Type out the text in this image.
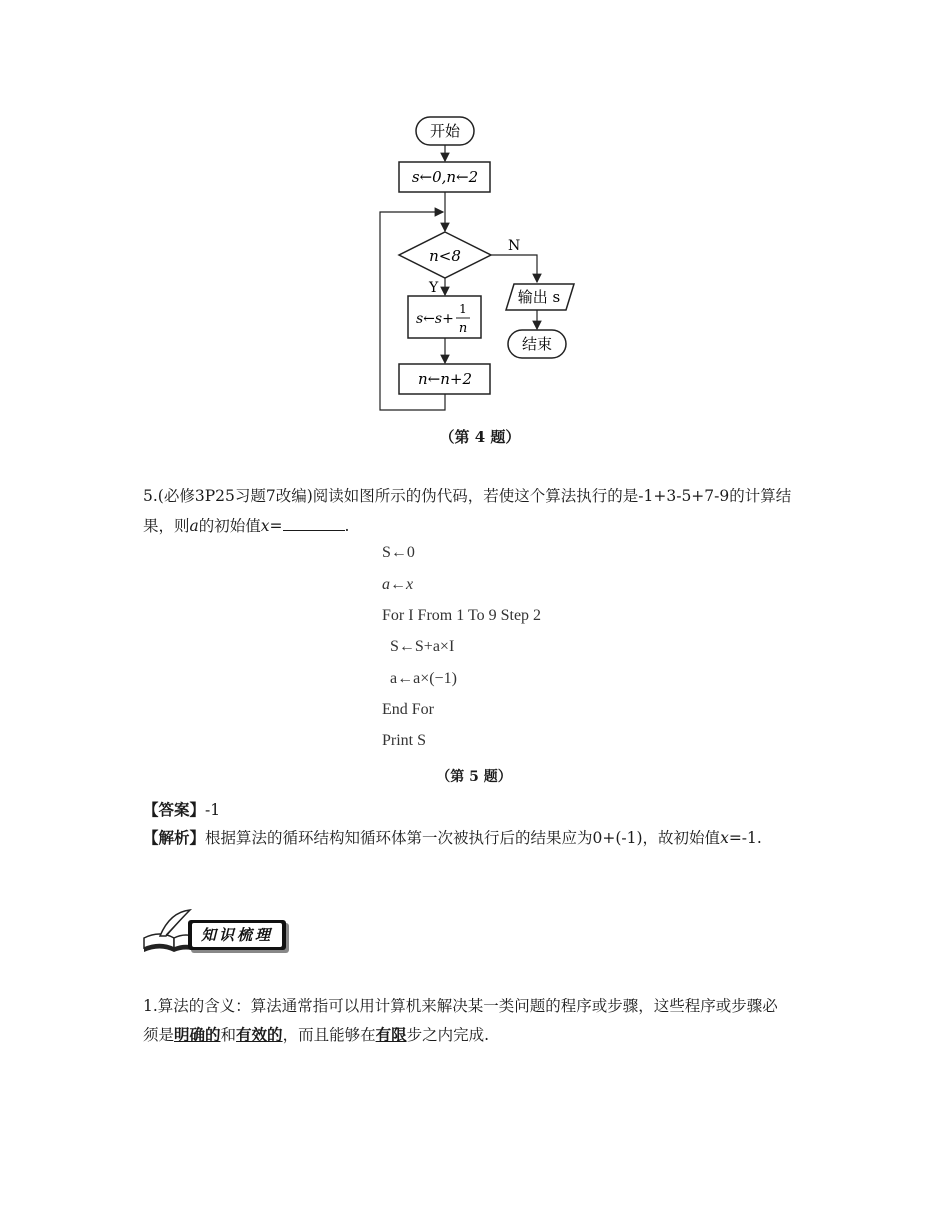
开始
s←0,n←2
n<8
N
Y
s←s+
1
n
n←n+2
输出 s
结束
（第 4 题）
5.(必修3P25习题7改编)阅读如图所示的伪代码，若使这个算法执行的是-1+3-5+7-9的计算结
果，则a的初始值x=	.
S←0
a←x
For I From 1 To 9 Step 2
S←S+a×I
a←a×(−1)
End For
Print S
（第 5 题）
【答案】-1
【解析】根据算法的循环结构知循环体第一次被执行后的结果应为0+(-1)，故初始值x=-1.
知识梳理
1.算法的含义：算法通常指可以用计算机来解决某一类问题的程序或步骤，这些程序或步骤必
须是明确的和有效的，而且能够在有限步之内完成.
